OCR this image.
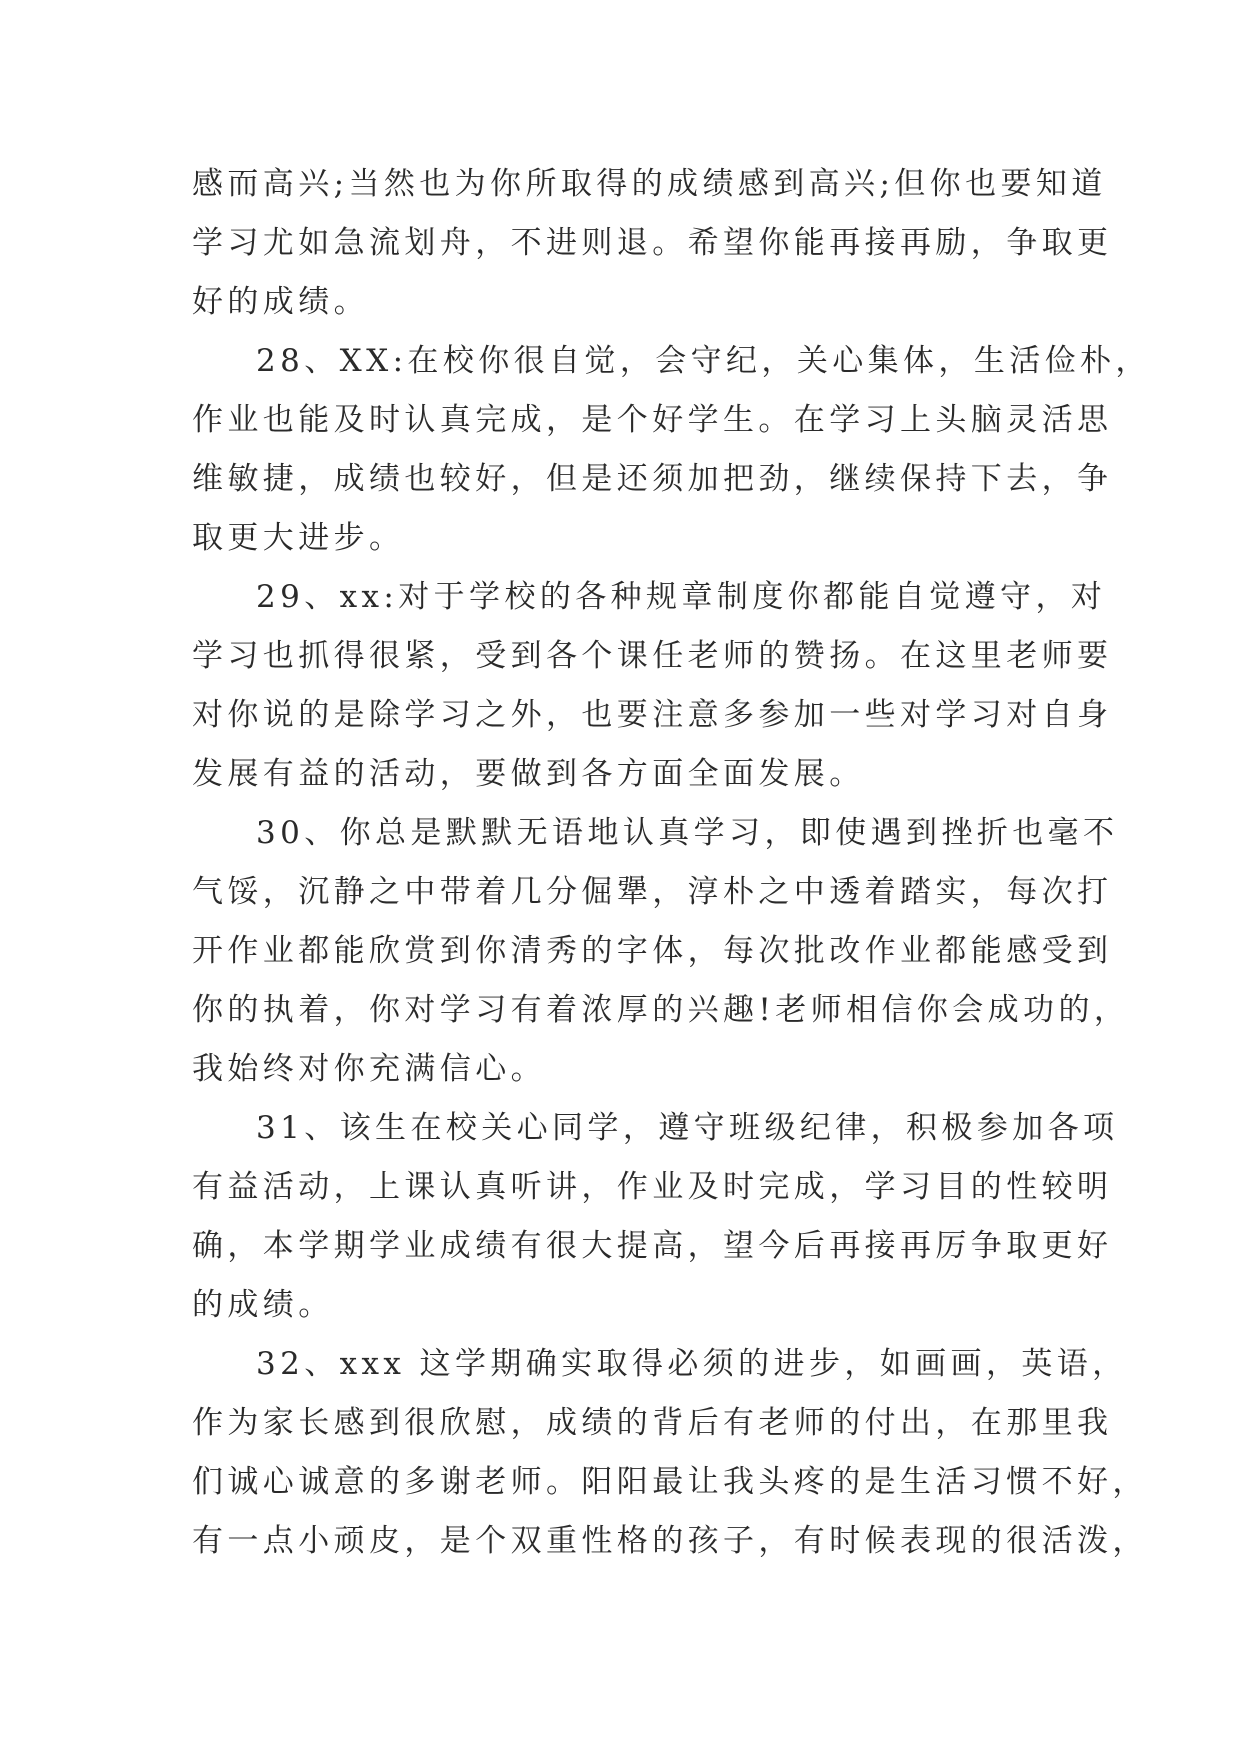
感而高兴;当然也为你所取得的成绩感到高兴;但你也要知道
学习尤如急流划舟，不进则退。希望你能再接再励，争取更
好的成绩。

28、XX:在校你很自觉，会守纪，关心集体，生活俭朴，
作业也能及时认真完成，是个好学生。在学习上头脑灵活思
维敏捷，成绩也较好，但是还须加把劲，继续保持下去，争
取更大进步。

29、xx:对于学校的各种规章制度你都能自觉遵守，对
学习也抓得很紧，受到各个课任老师的赞扬。在这里老师要
对你说的是除学习之外，也要注意多参加一些对学习对自身
发展有益的活动，要做到各方面全面发展。

30、你总是默默无语地认真学习，即使遇到挫折也毫不
气馁，沉静之中带着几分倔犟，淳朴之中透着踏实，每次打
开作业都能欣赏到你清秀的字体，每次批改作业都能感受到
你的执着，你对学习有着浓厚的兴趣!老师相信你会成功的，
我始终对你充满信心。

31、该生在校关心同学，遵守班级纪律，积极参加各项
有益活动，上课认真听讲，作业及时完成，学习目的性较明
确，本学期学业成绩有很大提高，望今后再接再厉争取更好
的成绩。

32、xxx 这学期确实取得必须的进步，如画画，英语，
作为家长感到很欣慰，成绩的背后有老师的付出，在那里我
们诚心诚意的多谢老师。阳阳最让我头疼的是生活习惯不好，
有一点小顽皮，是个双重性格的孩子，有时候表现的很活泼，
